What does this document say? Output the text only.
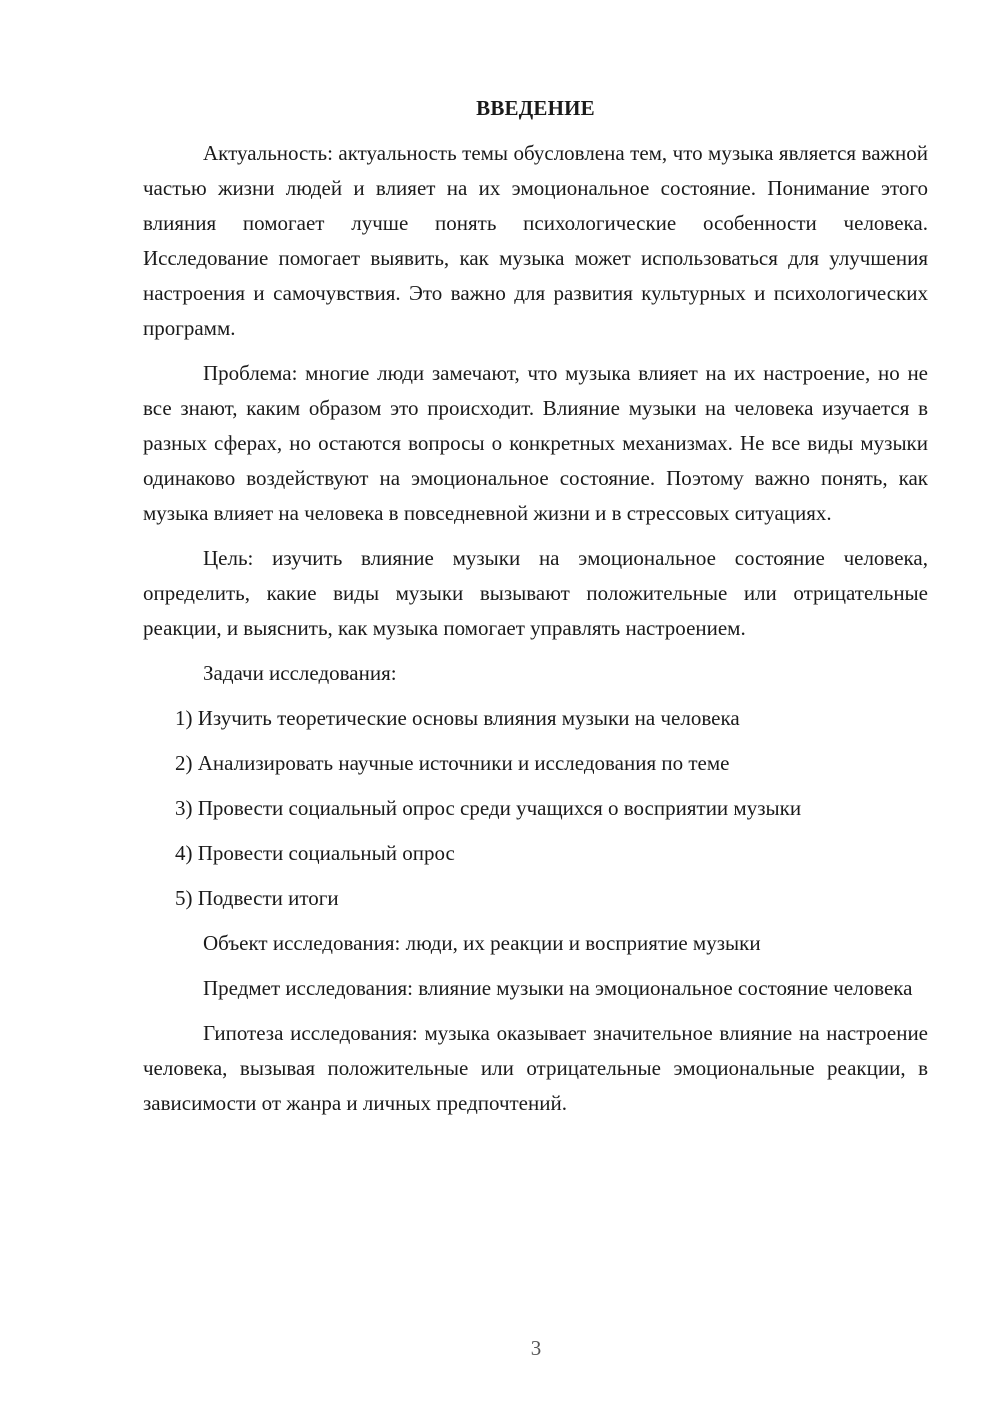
ВВЕДЕНИЕ

Актуальность: актуальность темы обусловлена тем, что музыка является важной частью жизни людей и влияет на их эмоциональное состояние. Понимание этого влияния помогает лучше понять психологические особенности человека. Исследование помогает выявить, как музыка может использоваться для улучшения настроения и самочувствия. Это важно для развития культурных и психологических программ.

Проблема: многие люди замечают, что музыка влияет на их настроение, но не все знают, каким образом это происходит. Влияние музыки на человека изучается в разных сферах, но остаются вопросы о конкретных механизмах. Не все виды музыки одинаково воздействуют на эмоциональное состояние. Поэтому важно понять, как музыка влияет на человека в повседневной жизни и в стрессовых ситуациях.

Цель: изучить влияние музыки на эмоциональное состояние человека, определить, какие виды музыки вызывают положительные или отрицательные реакции, и выяснить, как музыка помогает управлять настроением.

Задачи исследования:

1) Изучить теоретические основы влияния музыки на человека
2) Анализировать научные источники и исследования по теме
3) Провести социальный опрос среди учащихся о восприятии музыки
4) Провести социальный опрос
5) Подвести итоги

Объект исследования: люди, их реакции и восприятие музыки

Предмет исследования: влияние музыки на эмоциональное состояние человека

Гипотеза исследования: музыка оказывает значительное влияние на настроение человека, вызывая положительные или отрицательные эмоциональные реакции, в зависимости от жанра и личных предпочтений.

3
